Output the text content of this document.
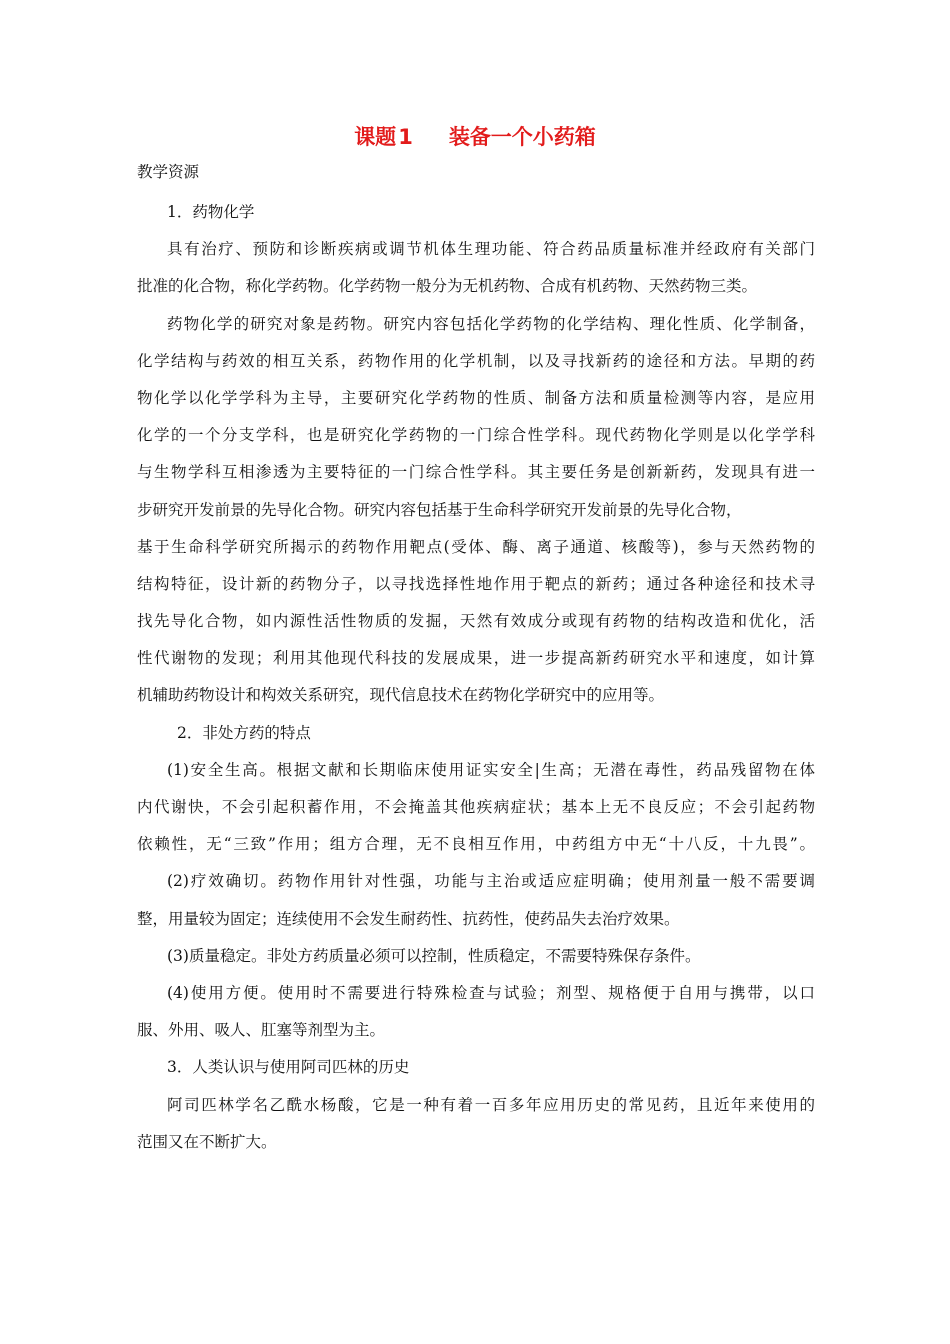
课题1 装备一个小药箱
教学资源
1．药物化学
具有治疗、预防和诊断疾病或调节机体生理功能、符合药品质量标准并经政府有关部门
批准的化合物，称化学药物。化学药物一般分为无机药物、合成有机药物、天然药物三类。
药物化学的研究对象是药物。研究内容包括化学药物的化学结构、理化性质、化学制备，
化学结构与药效的相互关系，药物作用的化学机制，以及寻找新药的途径和方法。早期的药
物化学以化学学科为主导，主要研究化学药物的性质、制备方法和质量检测等内容，是应用
化学的一个分支学科，也是研究化学药物的一门综合性学科。现代药物化学则是以化学学科
与生物学科互相渗透为主要特征的一门综合性学科。其主要任务是创新新药，发现具有进一
步研究开发前景的先导化合物。研究内容包括基于生命科学研究开发前景的先导化合物，
基于生命科学研究所揭示的药物作用靶点(受体、酶、离子通道、核酸等)，参与天然药物的
结构特征，设计新的药物分子，以寻找选择性地作用于靶点的新药；通过各种途径和技术寻
找先导化合物，如内源性活性物质的发掘，天然有效成分或现有药物的结构改造和优化，活
性代谢物的发现；利用其他现代科技的发展成果，进一步提高新药研究水平和速度，如计算
机辅助药物设计和构效关系研究，现代信息技术在药物化学研究中的应用等。
2．非处方药的特点
(1)安全生高。根据文献和长期临床使用证实安全|生高；无潜在毒性，药品残留物在体
内代谢快，不会引起积蓄作用，不会掩盖其他疾病症状；基本上无不良反应；不会引起药物
依赖性，无“三致”作用；组方合理，无不良相互作用，中药组方中无“十八反，十九畏”。
(2)疗效确切。药物作用针对性强，功能与主治或适应症明确；使用剂量一般不需要调
整，用量较为固定；连续使用不会发生耐药性、抗药性，使药品失去治疗效果。
(3)质量稳定。非处方药质量必须可以控制，性质稳定，不需要特殊保存条件。
(4)使用方便。使用时不需要进行特殊检查与试验；剂型、规格便于自用与携带，以口
服、外用、吸人、肛塞等剂型为主。
3．人类认识与使用阿司匹林的历史
阿司匹林学名乙酰水杨酸，它是一种有着一百多年应用历史的常见药，且近年来使用的
范围又在不断扩大。
